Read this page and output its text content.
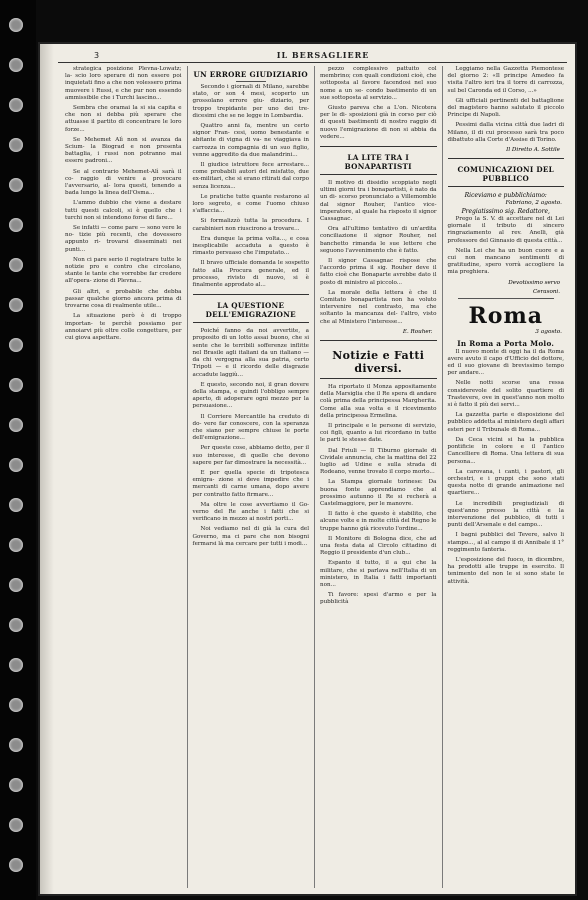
3	IL BERSAGLIERE

strategica posizione Plevna-Lowatz; la- scio loro sperare di non essere poi inquietati fino a che non volessero prima muovere i Russi, e che pur non essendo ammissibile che i Turchi lascino...

Sembra che oramai la si sia capita e che non si debba più sperare che attuasse il partito di concentrare le loro forze...

Se Mehemet Alì non si avanza da Scium- la Biograd e non presenta battaglia, i russi non potranno mai essere padroni...

Se al contrario Mehemet-Alì sarà il co- raggio di venire a provocare l'avversario, al- lora questi, tenendo a bada lungo la linea dell'Osma...

L'ammo dubbio che viene a destare tutti questi calcoli, si è quello che i turchi non si intendono forse di fare...

Se infatti — come pare — sono vere le no- tizie più recenti, che dovessero appunto ri- trovarsi disseminati nei punti...

Non ci pare serio il registrare tutte le notizie pro e contro che circolano, stante le tante che vorrebbe far credere all'opera- zione di Plevna...

Gli altri, e probabile che debba passar qualche giorno ancora prima di trovarne cosa di realmente utile...

La situazione però è di troppo importan- te perchè possiamo per annoiarvi più oltre colle congetture, per cui giova aspettare.

UN ERRORE GIUDIZIARIO

Secondo i giornali di Milano, sarebbe stato, or son 4 mesi, scoperto un grossolano errore giu- diziario, per troppo trepidante per uno dei tre- dicesimi che se ne legge in Lombardia.

Quattro anni fa, mentre un certo signor Fran- cesi, uomo benestante e abitante di vigna di va- ne viaggiava in carrozza in compagnia di un suo figlio, venne aggredito da due malandrini...

Il giudice istruttore fece arrestare... come probabili autori del misfatto, due ex-militari, che si erano ritirati dal corpo senza licenza...

Le pratiche tutte quante restarono al loro segreto, e come l'uomo chiuso s'affaccia...

Si formalizzò tutta la procedura. I carabinieri non riuscirono a trovare...

Era dunque la prima volta..., e cosa inesplicabile accaduta a questo è rimasto persuaso che l'imputato...

Il bravo ufficiale domanda le sospetto fatto alla Procura generale, ed il processo, rivisto di nuovo, si è finalmente approdato al...

LA QUESTIONE DELL'EMIGRAZIONE

Poiché fanno da noi avvertite, a proposito di un lotto assai buono, che si sente che le terribili sofferenze inflitte nel Brasile agli italiani da un italiano — da chi vergogna alla sua patria, certo Tripoti — e il ricordo delle disgrazie accadute laggiù...

E questo, secondo noi, il gran dovere della stampa, e quindi l'obbligo sempre aperto, di adoperare ogni mezzo per la persuasione...

Il Corriere Mercantile ha creduto di do- vere far conoscere, con la speranza che siano per sempre chiuse le porte dell'emigrazione...

Per queste cose, abbiamo detto, per il suo interesse, di quelle che devono sapere per far dimostrare la necessità...

E per quella specie di tripotesca emigra- zione si deve impedire che i mercanti di carne umana, dopo avere per contratto fatto firmare...

Ma oltre le cose avvertiamo il Go- verno del Re anche i fatti che si verificano in mezzo ai nostri porti...

Noi vediamo nel di già la cura del Governo, ma ci pare che non bisogni fermarsi là ma cercare per tutti i modi...

pezzo complessivo pattuito col membrino; con quali condizioni cioè, che sottoposta al favore facendosi nel suo nome a un se- condo bastimento di un sue sottoposta al servizio...

Giusto pareva che a L'on. Nicotera per le di- sposizioni già in corso per ciò di questi bastimenti di nostro raggio di nuovo l'emigrazione di non si abbia da vedere...

LA LITE TRA I BONAPARTISTI

Il motivo di dissidio scoppiato negli ultimi giorni tra i bonapartisti, è nato da un di- scorso pronunciato a Villemomble dal signor Rouher, l'antico vice-imperatore, al quale ha risposto il signor Cassagnac.

Ora all'ultimo tentativo di un'ardita conciliazione il signor Rouher, nel banchetto rimanda le sue lettere che seguono l'avvenimento che è fatto.

Il signor Cassagnac rispose che l'accordo prima il sig. Rouher deve il fatto cioè che Bonaparte avrebbe dato il posto di ministro al piccolo...

La morale della lettera è che il Comitato bonapartista non ha voluto intervenire nel contrasto, ma che soltanto la mancanza del- l'altro, visto che al Ministero l'interesse...

E. Rouher.
Notizie e Fatti diversi.

Ha riportato il Monza appositamente della Marsiglia che il Re spera di andare colà prima della principessa Margherita. Come alla sua volta e il ricevimento della principessa Ermelina.

Il principale e le persone di servizio, coi figli, quanto a lui ricordano in tutte le parti le stesse date.

Dal Friuli — Il Tiburno giornale di Cividale annuncia, che la mattina del 22 luglio ad Udine e sulla strada di Rodeano, venne trovato il corpo morto...

La Stampa giornale torinese: Da buona fonte apprendiamo che al prossimo autunno il Re si recherà a Castelmaggiore, per le manovre.

Il fatto è che questo è stabilito, che alcune volte e in molte città del Regno le truppe hanno già ricevuto l'ordine...

Il Monitore di Bologna dice, che ad una festa data al Circolo cittadino di Reggio il presidente d'un club...

Espanto il tutto, il a qui che la militare, che si parlava nell'Italia di un ministero, in Italia i fatti importanti non...

Ti favore: spesi d'armo e per la pubblicità

Leggiamo nella Gazzetta Piemontese del giorno 2: «Il principe Amedeo fa visita l'altro ieri tra il torre di carrozza, sul bel Caronda ed il Corso, ...»

Gli ufficiali pertinenti del battaglione del magistero hanno salutato il piccolo Principe di Napoli.

Pessimi dalla vicina città due ladri di Milano, il di cui processo sarà tra poco dibattuto alla Corte d'Assise di Torino.

Il Diretto A. Sottile
COMUNICAZIONI DEL PUBBLICO
Riceviamo e pubblichiamo:
Fabriano, 2 agosto.
Pregiatissimo sig. Redattore,

Prego la S. V. di accettare nel di Lei giornale il tributo di sincero ringraziamento al rev. Anelli, già professore del Ginnasio di questa città...

Nella Lei che ha un buon cuore e a cui non mancano sentimenti di gratitudine, spero vorrà accogliere la mia preghiera.

Devotissimo servo
Cerasoni.
Roma
3 agosto.
In Roma a Porta Molo.

Il nuovo monte di oggi ha il da Roma avere avuto il capo d'Ufficio del dottore, ed il suo giovane di brevissimo tempo per andare...

Nelle notti scorse una ressa considerevole del solito quartiere di Trastevere, ove in quest'anno non molto si è fatto il più dei servi...

La gazzetta parte e disposizione del pubblico addetta al ministero degli affari esteri per il Tribunale di Roma...

Da Ceca vicini si ha la pubblica pontificie in colore e il l'antico Cancelliere di Roma. Una lettera di sua persona...

La carovana, i canti, i pastori, gli orchestri, e i gruppi che sono stati questa notte di grande animazione nel quartiere...

Le incredibili pregiudiziali di quest'anno presso la città e la intervenzione del pubblico, di tutti i punti dell'Arsenale e del campo...

I bagni pubblici del Tevere, salvo li stampo..., al al campo il di Annibale il 1° reggimento fanteria.

L'esposizione del fuoco, in dicembre, ha prodotti alle truppe in esercito. Il tenimento del non le si sono state le attività.
